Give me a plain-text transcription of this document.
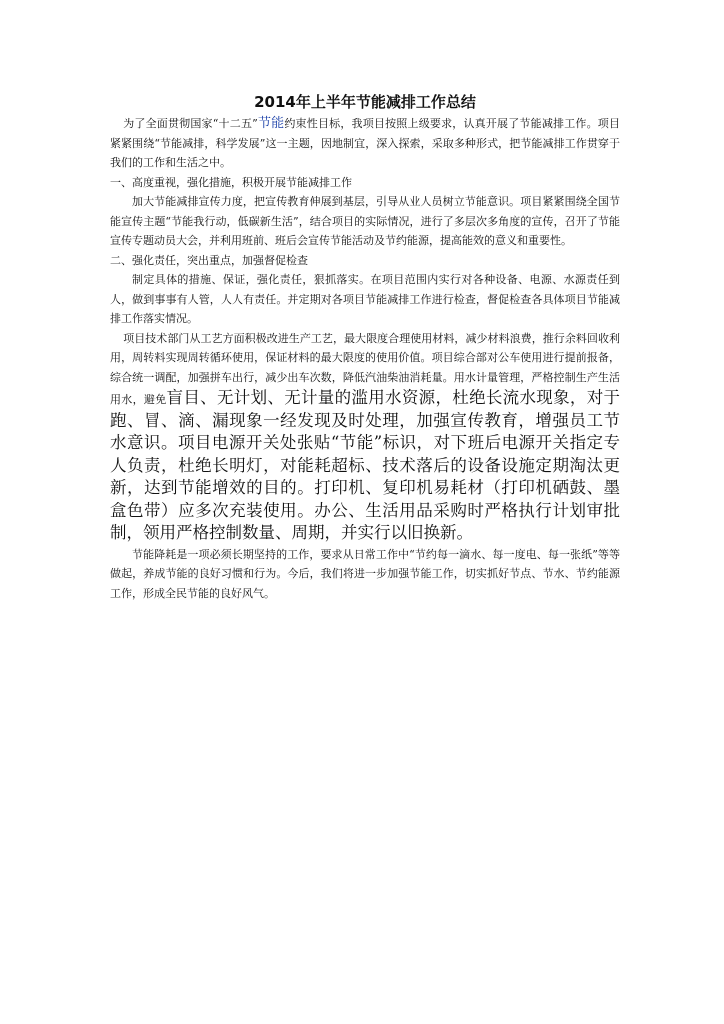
2014年上半年节能减排工作总结

为了全面贯彻国家“十二五”节能约束性目标，我项目按照上级要求，认真开展了节能减排工作。项目紧紧围绕“节能减排，科学发展”这一主题，因地制宜，深入探索，采取多种形式，把节能减排工作贯穿于我们的工作和生活之中。

一、高度重视，强化措施，积极开展节能减排工作

加大节能减排宣传力度，把宣传教育伸展到基层，引导从业人员树立节能意识。项目紧紧围绕全国节能宣传主题“节能我行动，低碳新生活”，结合项目的实际情况，进行了多层次多角度的宣传，召开了节能宣传专题动员大会，并利用班前、班后会宣传节能活动及节约能源，提高能效的意义和重要性。

二、强化责任，突出重点，加强督促检查

制定具体的措施、保证，强化责任，狠抓落实。在项目范围内实行对各种设备、电源、水源责任到人，做到事事有人管，人人有责任。并定期对各项目节能减排工作进行检查，督促检查各具体项目节能减排工作落实情况。

项目技术部门从工艺方面积极改进生产工艺，最大限度合理使用材料，减少材料浪费，推行余料回收利用，周转料实现周转循环使用，保证材料的最大限度的使用价值。项目综合部对公车使用进行提前报备，综合统一调配，加强拼车出行，减少出车次数，降低汽油柴油消耗量。用水计量管理，严格控制生产生活用水，避免盲目、无计划、无计量的滥用水资源，杜绝长流水现象，对于跑、冒、滴、漏现象一经发现及时处理，加强宣传教育，增强员工节水意识。项目电源开关处张贴“节能”标识，对下班后电源开关指定专人负责，杜绝长明灯，对能耗超标、技术落后的设备设施定期淘汰更新，达到节能增效的目的。打印机、复印机易耗材（打印机硒鼓、墨盒色带）应多次充装使用。办公、生活用品采购时严格执行计划审批制，领用严格控制数量、周期，并实行以旧换新。

节能降耗是一项必须长期坚持的工作，要求从日常工作中“节约每一滴水、每一度电、每一张纸”等等做起，养成节能的良好习惯和行为。今后，我们将进一步加强节能工作，切实抓好节点、节水、节约能源工作，形成全民节能的良好风气。
